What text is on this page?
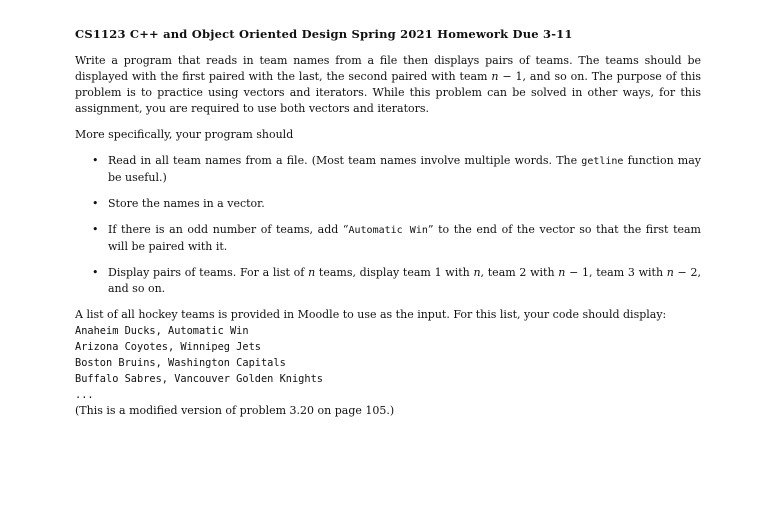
CS1123 C++ and Object Oriented Design Spring 2021 Homework Due 3-11

Write a program that reads in team names from a file then displays pairs of teams. The teams should be displayed with the first paired with the last, the second paired with team n − 1, and so on. The purpose of this problem is to practice using vectors and iterators. While this problem can be solved in other ways, for this assignment, you are required to use both vectors and iterators.

More specifically, your program should

• Read in all team names from a file. (Most team names involve multiple words. The getline function may be useful.)
• Store the names in a vector.
• If there is an odd number of teams, add “Automatic Win” to the end of the vector so that the first team will be paired with it.
• Display pairs of teams. For a list of n teams, display team 1 with n, team 2 with n − 1, team 3 with n − 2, and so on.

A list of all hockey teams is provided in Moodle to use as the input. For this list, your code should display:

Anaheim Ducks, Automatic Win
Arizona Coyotes, Winnipeg Jets
Boston Bruins, Washington Capitals
Buffalo Sabres, Vancouver Golden Knights
...
(This is a modified version of problem 3.20 on page 105.)
